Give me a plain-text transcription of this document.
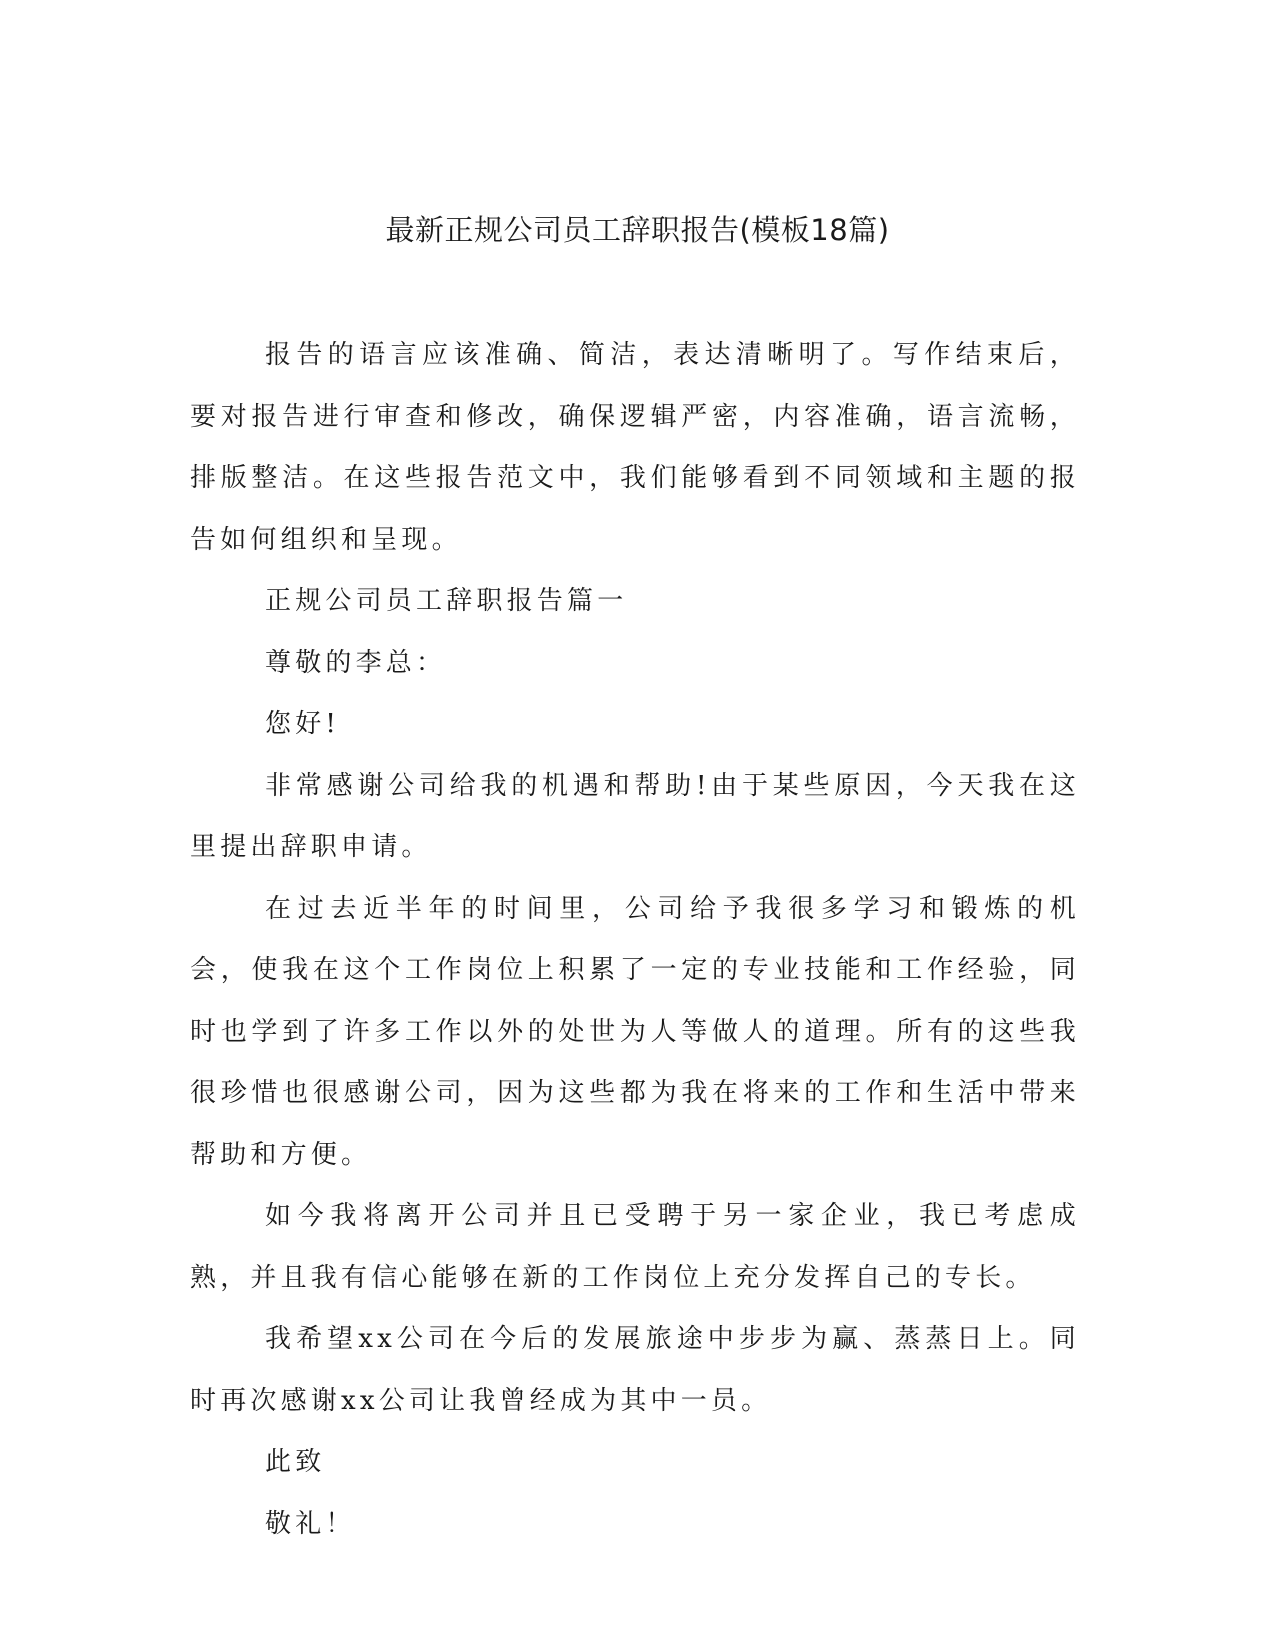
最新正规公司员工辞职报告(模板18篇)

报告的语言应该准确、简洁，表达清晰明了。写作结束后，要对报告进行审查和修改，确保逻辑严密，内容准确，语言流畅，排版整洁。在这些报告范文中，我们能够看到不同领域和主题的报告如何组织和呈现。

正规公司员工辞职报告篇一

尊敬的李总：

您好!

非常感谢公司给我的机遇和帮助!由于某些原因，今天我在这里提出辞职申请。

在过去近半年的时间里，公司给予我很多学习和锻炼的机会，使我在这个工作岗位上积累了一定的专业技能和工作经验，同时也学到了许多工作以外的处世为人等做人的道理。所有的这些我很珍惜也很感谢公司，因为这些都为我在将来的工作和生活中带来帮助和方便。

如今我将离开公司并且已受聘于另一家企业，我已考虑成熟，并且我有信心能够在新的工作岗位上充分发挥自己的专长。

我希望xx公司在今后的发展旅途中步步为赢、蒸蒸日上。同时再次感谢xx公司让我曾经成为其中一员。

此致

敬礼！
